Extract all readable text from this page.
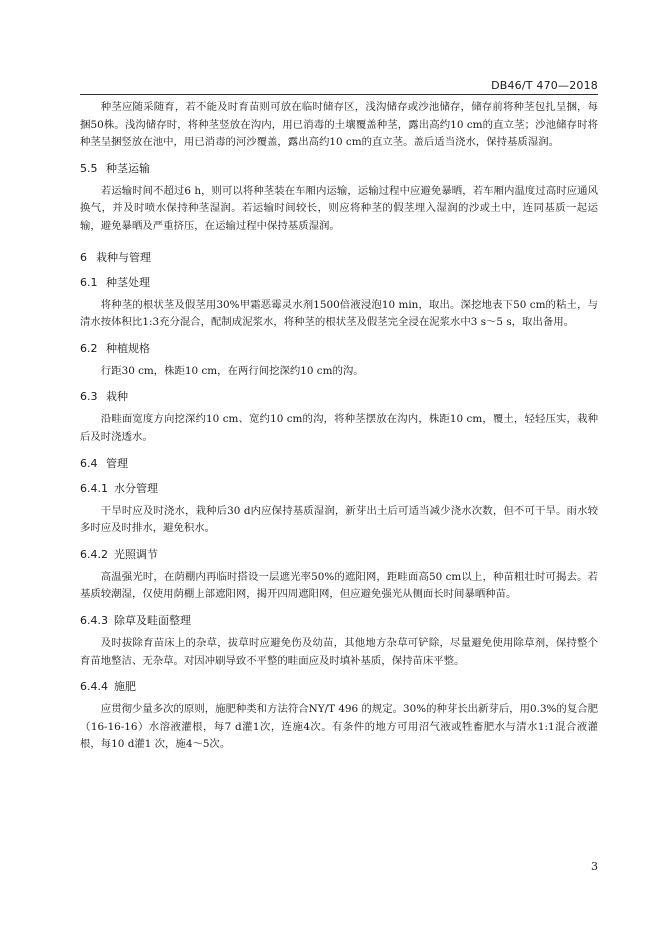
DB46/T 470—2018

种茎应随采随育，若不能及时育苗则可放在临时储存区，浅沟储存或沙池储存，储存前将种茎包扎呈捆，每捆50株。浅沟储存时，将种茎竖放在沟内，用已消毒的土壤覆盖种茎，露出高约10 cm的直立茎；沙池储存时将种茎呈捆竖放在池中，用已消毒的河沙覆盖，露出高约10 cm的直立茎。盖后适当浇水，保持基质湿润。

5.5 种茎运输

若运输时间不超过6 h，则可以将种茎装在车厢内运输，运输过程中应避免暴晒，若车厢内温度过高时应通风换气，并及时喷水保持种茎湿润。若运输时间较长，则应将种茎的假茎埋入湿润的沙或土中，连同基质一起运输，避免暴晒及严重挤压，在运输过程中保持基质湿润。

6 栽种与管理
6.1 种茎处理

将种茎的根状茎及假茎用30%甲霜恶霉灵水剂1500倍液浸泡10 min，取出。深挖地表下50 cm的粘土，与清水按体积比1:3充分混合，配制成泥浆水，将种茎的根状茎及假茎完全浸在泥浆水中3 s～5 s，取出备用。

6.2 种植规格

行距30 cm，株距10 cm，在两行间挖深约10 cm的沟。

6.3 栽种

沿畦面宽度方向挖深约10 cm、宽约10 cm的沟，将种茎摆放在沟内，株距10 cm，覆土，轻轻压实，栽种后及时浇透水。

6.4 管理
6.4.1 水分管理

干旱时应及时浇水，栽种后30 d内应保持基质湿润，新芽出土后可适当减少浇水次数，但不可干旱。雨水较多时应及时排水，避免积水。

6.4.2 光照调节

高温强光时，在荫棚内再临时搭设一层遮光率50%的遮阳网，距畦面高50 cm以上，种苗粗壮时可揭去。若基质较潮湿，仅使用荫棚上部遮阳网，揭开四周遮阳网，但应避免强光从侧面长时间暴晒种苗。

6.4.3 除草及畦面整理

及时拔除育苗床上的杂草，拔草时应避免伤及幼苗，其他地方杂草可铲除，尽量避免使用除草剂，保持整个育苗地整洁、无杂草。对因冲刷导致不平整的畦面应及时填补基质，保持苗床平整。

6.4.4 施肥

应贯彻少量多次的原则，施肥种类和方法符合NY/T 496 的规定。30%的种芽长出新芽后，用0.3%的复合肥（16-16-16）水溶液灌根，每7 d灌1次，连施4次。有条件的地方可用沼气液或牲畜肥水与清水1:1混合液灌根，每10 d灌1 次，施4～5次。

3
